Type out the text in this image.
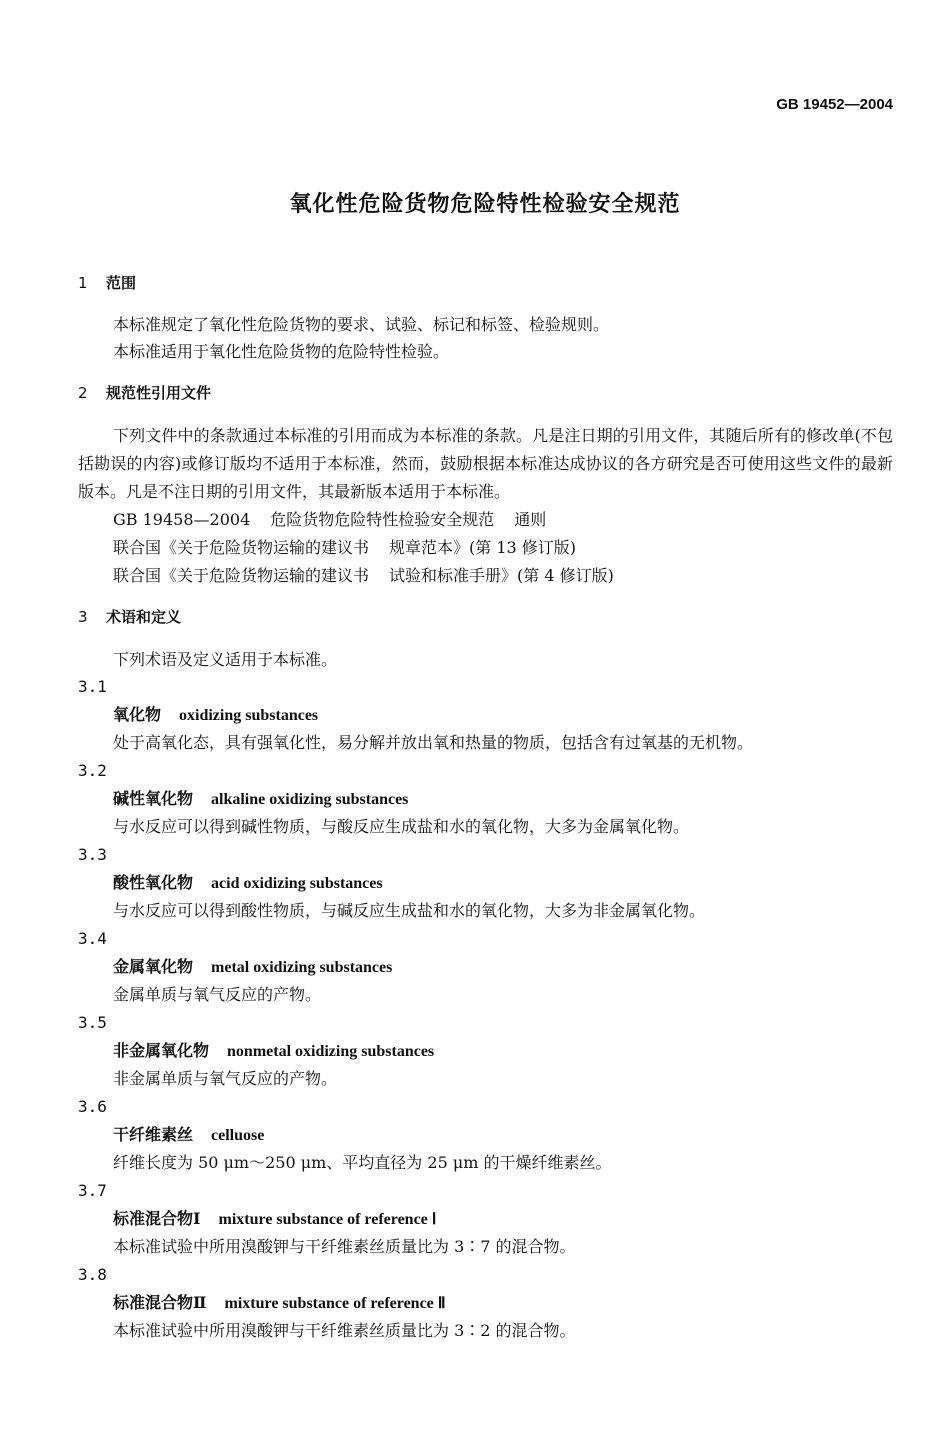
GB 19452—2004
氧化性危险货物危险特性检验安全规范
1 范围
本标准规定了氧化性危险货物的要求、试验、标记和标签、检验规则。
本标准适用于氧化性危险货物的危险特性检验。
2 规范性引用文件
下列文件中的条款通过本标准的引用而成为本标准的条款。凡是注日期的引用文件，其随后所有的修改单(不包括勘误的内容)或修订版均不适用于本标准，然而，鼓励根据本标准达成协议的各方研究是否可使用这些文件的最新版本。凡是不注日期的引用文件，其最新版本适用于本标准。
GB 19458—2004 危险货物危险特性检验安全规范 通则
联合国《关于危险货物运输的建议书 规章范本》(第 13 修订版)
联合国《关于危险货物运输的建议书 试验和标准手册》(第 4 修订版)
3 术语和定义
下列术语及定义适用于本标准。
3.1
氧化物 oxidizing substances
处于高氧化态，具有强氧化性，易分解并放出氧和热量的物质，包括含有过氧基的无机物。
3.2
碱性氧化物 alkaline oxidizing substances
与水反应可以得到碱性物质，与酸反应生成盐和水的氧化物，大多为金属氧化物。
3.3
酸性氧化物 acid oxidizing substances
与水反应可以得到酸性物质，与碱反应生成盐和水的氧化物，大多为非金属氧化物。
3.4
金属氧化物 metal oxidizing substances
金属单质与氧气反应的产物。
3.5
非金属氧化物 nonmetal oxidizing substances
非金属单质与氧气反应的产物。
3.6
干纤维素丝 celluose
纤维长度为 50 μm～250 μm、平均直径为 25 μm 的干燥纤维素丝。
3.7
标准混合物Ⅰ mixture substance of reference Ⅰ
本标准试验中所用溴酸钾与干纤维素丝质量比为 3∶7 的混合物。
3.8
标准混合物Ⅱ mixture substance of reference Ⅱ
本标准试验中所用溴酸钾与干纤维素丝质量比为 3∶2 的混合物。
